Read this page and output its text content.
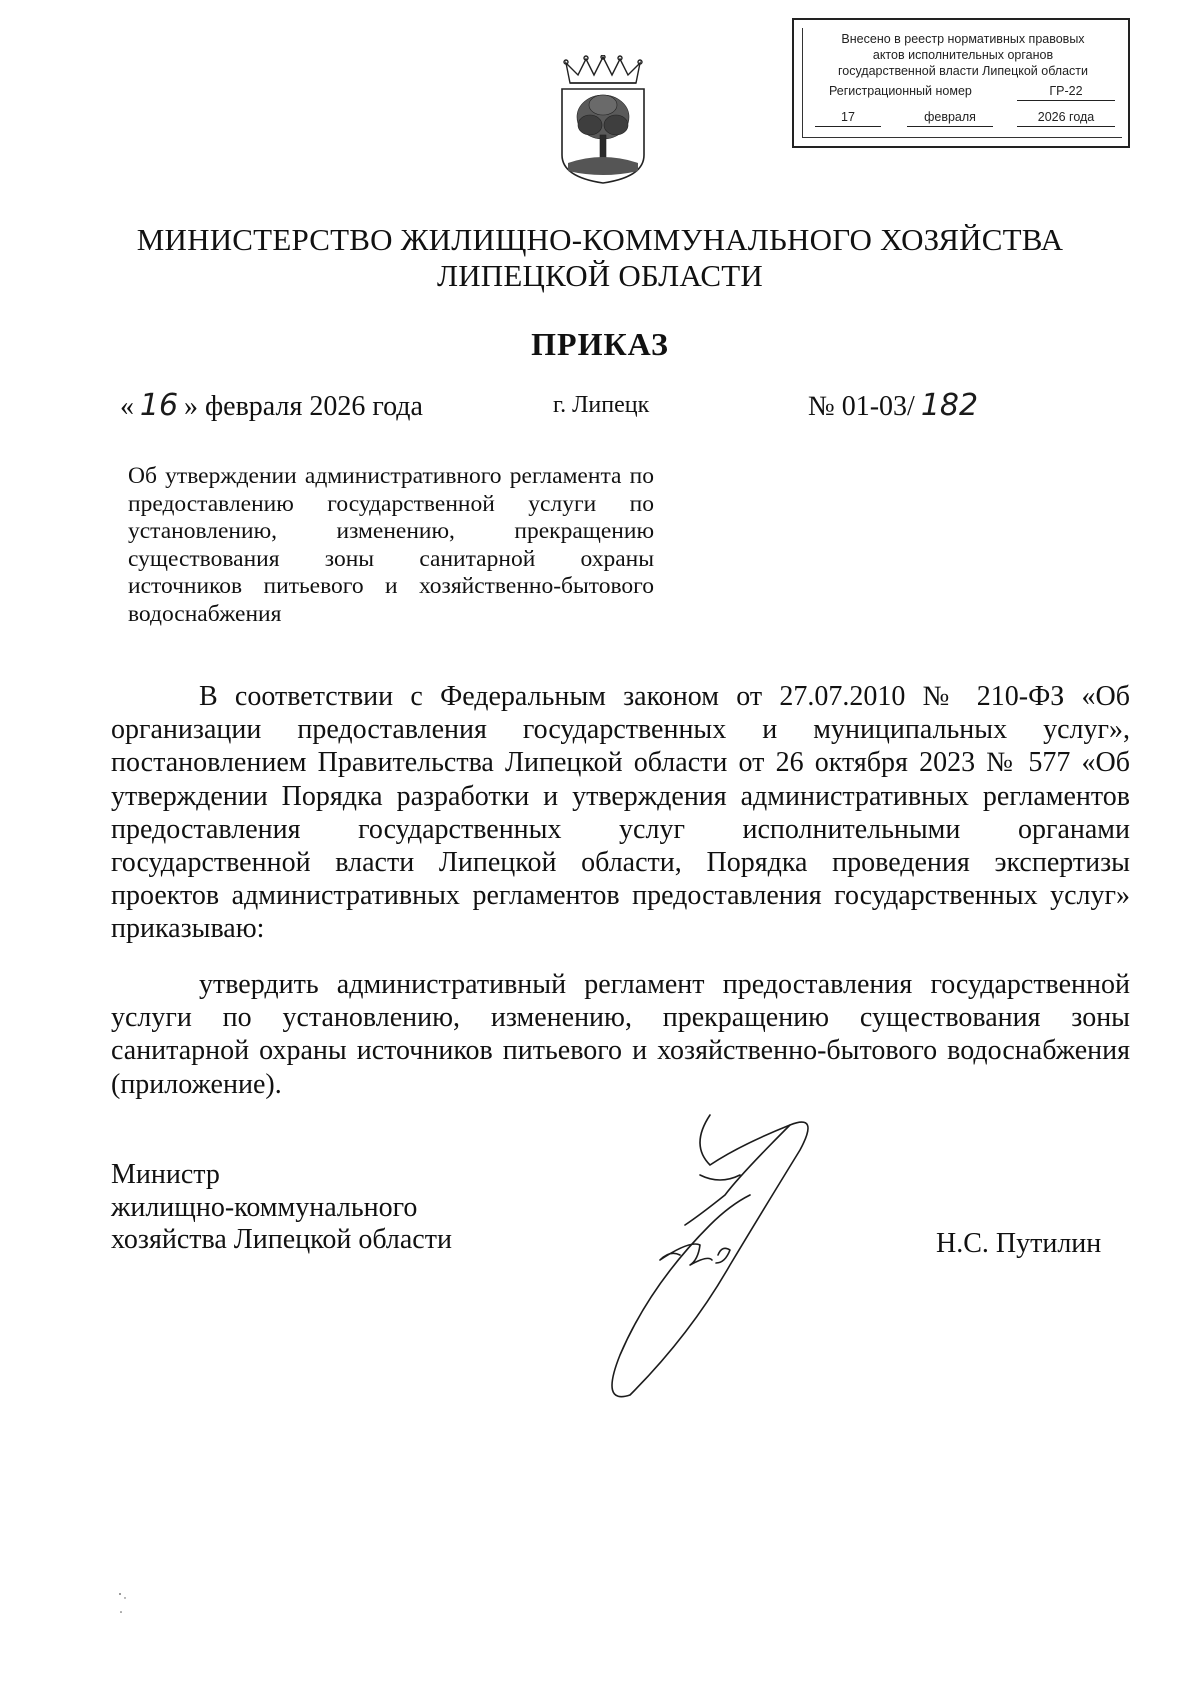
Внесено в реестр нормативных правовых
актов исполнительных органов
государственной власти Липецкой области
Регистрационный номер	ГР-22
17	февраля	2026 года
МИНИСТЕРСТВО ЖИЛИЩНО-КОММУНАЛЬНОГО ХОЗЯЙСТВА
ЛИПЕЦКОЙ ОБЛАСТИ
ПРИКАЗ
« 16 » февраля 2026 года	г. Липецк	№ 01-03/ 182
Об утверждении административного регламента по предоставлению государственной услуги по установлению, изменению, прекращению существования зоны санитарной охраны источников питьевого и хозяйственно-бытового водоснабжения
В соответствии с Федеральным законом от 27.07.2010 № 210-ФЗ «Об организации предоставления государственных и муниципальных услуг», постановлением Правительства Липецкой области от 26 октября 2023 № 577 «Об утверждении Порядка разработки и утверждения административных регламентов предоставления государственных услуг исполнительными органами государственной власти Липецкой области, Порядка проведения экспертизы проектов административных регламентов предоставления государственных услуг» приказываю:
утвердить административный регламент предоставления государственной услуги по установлению, изменению, прекращению существования зоны санитарной охраны источников питьевого и хозяйственно-бытового водоснабжения (приложение).
Министр
жилищно-коммунального
хозяйства Липецкой области	Н.С. Путилин
